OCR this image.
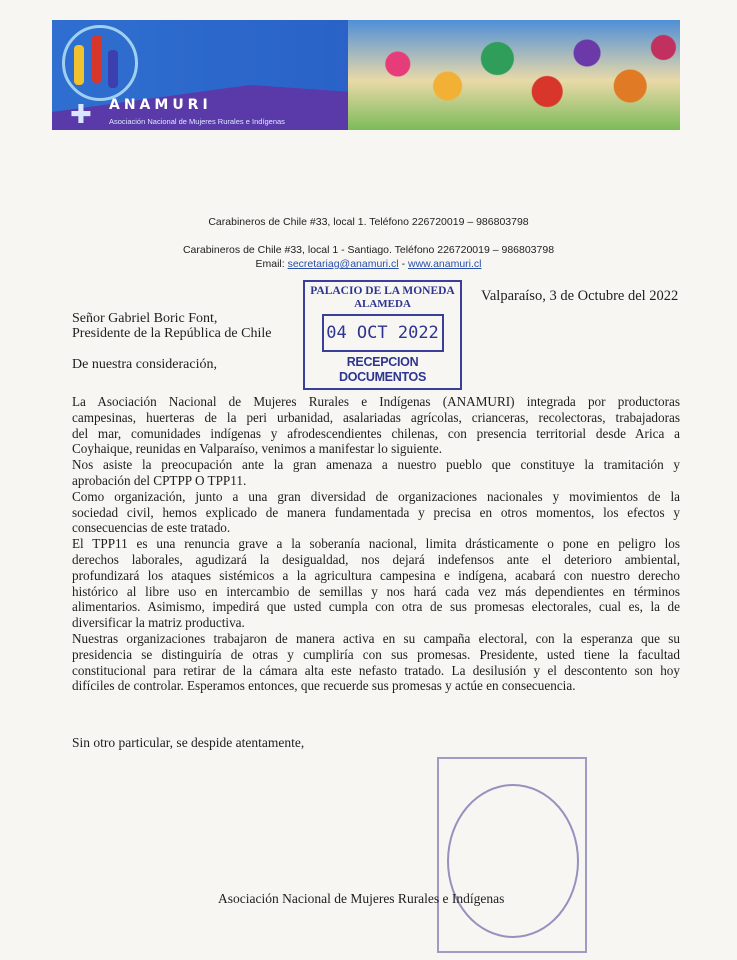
✚ ANAMURI
Asociación Nacional de Mujeres Rurales e Indígenas
Carabineros de Chile #33, local 1. Teléfono 226720019 – 986803798
Carabineros de Chile #33, local 1 - Santiago. Teléfono 226720019 – 986803798
Email: secretariag@anamuri.cl - www.anamuri.cl
Valparaíso, 3 de Octubre del 2022
Señor Gabriel Boric Font,
Presidente de la República de Chile
De nuestra consideración,
PALACIO DE LA MONEDA
ALAMEDA
04 OCT 2022
RECEPCION DOCUMENTOS
La Asociación Nacional de Mujeres Rurales e Indígenas (ANAMURI) integrada por productoras
campesinas, huerteras de la peri urbanidad, asalariadas agrícolas, crianceras, recolectoras, trabajadoras
del mar, comunidades indígenas y afrodescendientes chilenas, con presencia territorial desde Arica a
Coyhaique, reunidas en Valparaíso, venimos a manifestar lo siguiente.
Nos asiste la preocupación ante la gran amenaza a nuestro pueblo que constituye la tramitación y
aprobación del CPTPP O TPP11.
Como organización, junto a una gran diversidad de organizaciones nacionales y movimientos de la
sociedad civil, hemos explicado de manera fundamentada y precisa en otros momentos, los efectos y
consecuencias de este tratado.
El TPP11 es una renuncia grave a la soberanía nacional, limita drásticamente o pone en peligro los
derechos laborales, agudizará la desigualdad, nos dejará indefensos ante el deterioro ambiental,
profundizará los ataques sistémicos a la agricultura campesina e indígena, acabará con nuestro derecho
histórico al libre uso en intercambio de semillas y nos hará cada vez más dependientes en términos
alimentarios. Asimismo, impedirá que usted cumpla con otra de sus promesas electorales, cual es, la de
diversificar la matriz productiva.
Nuestras organizaciones trabajaron de manera activa en su campaña electoral, con la esperanza que su
presidencia se distinguiría de otras y cumpliría con sus promesas. Presidente, usted tiene la facultad
constitucional para retirar de la cámara alta este nefasto tratado. La desilusión y el descontento son hoy
difíciles de controlar. Esperamos entonces, que recuerde sus promesas y actúe en consecuencia.
Sin otro particular, se despide atentamente,
Asociación Nacional de Mujeres Rurales e Indígenas
